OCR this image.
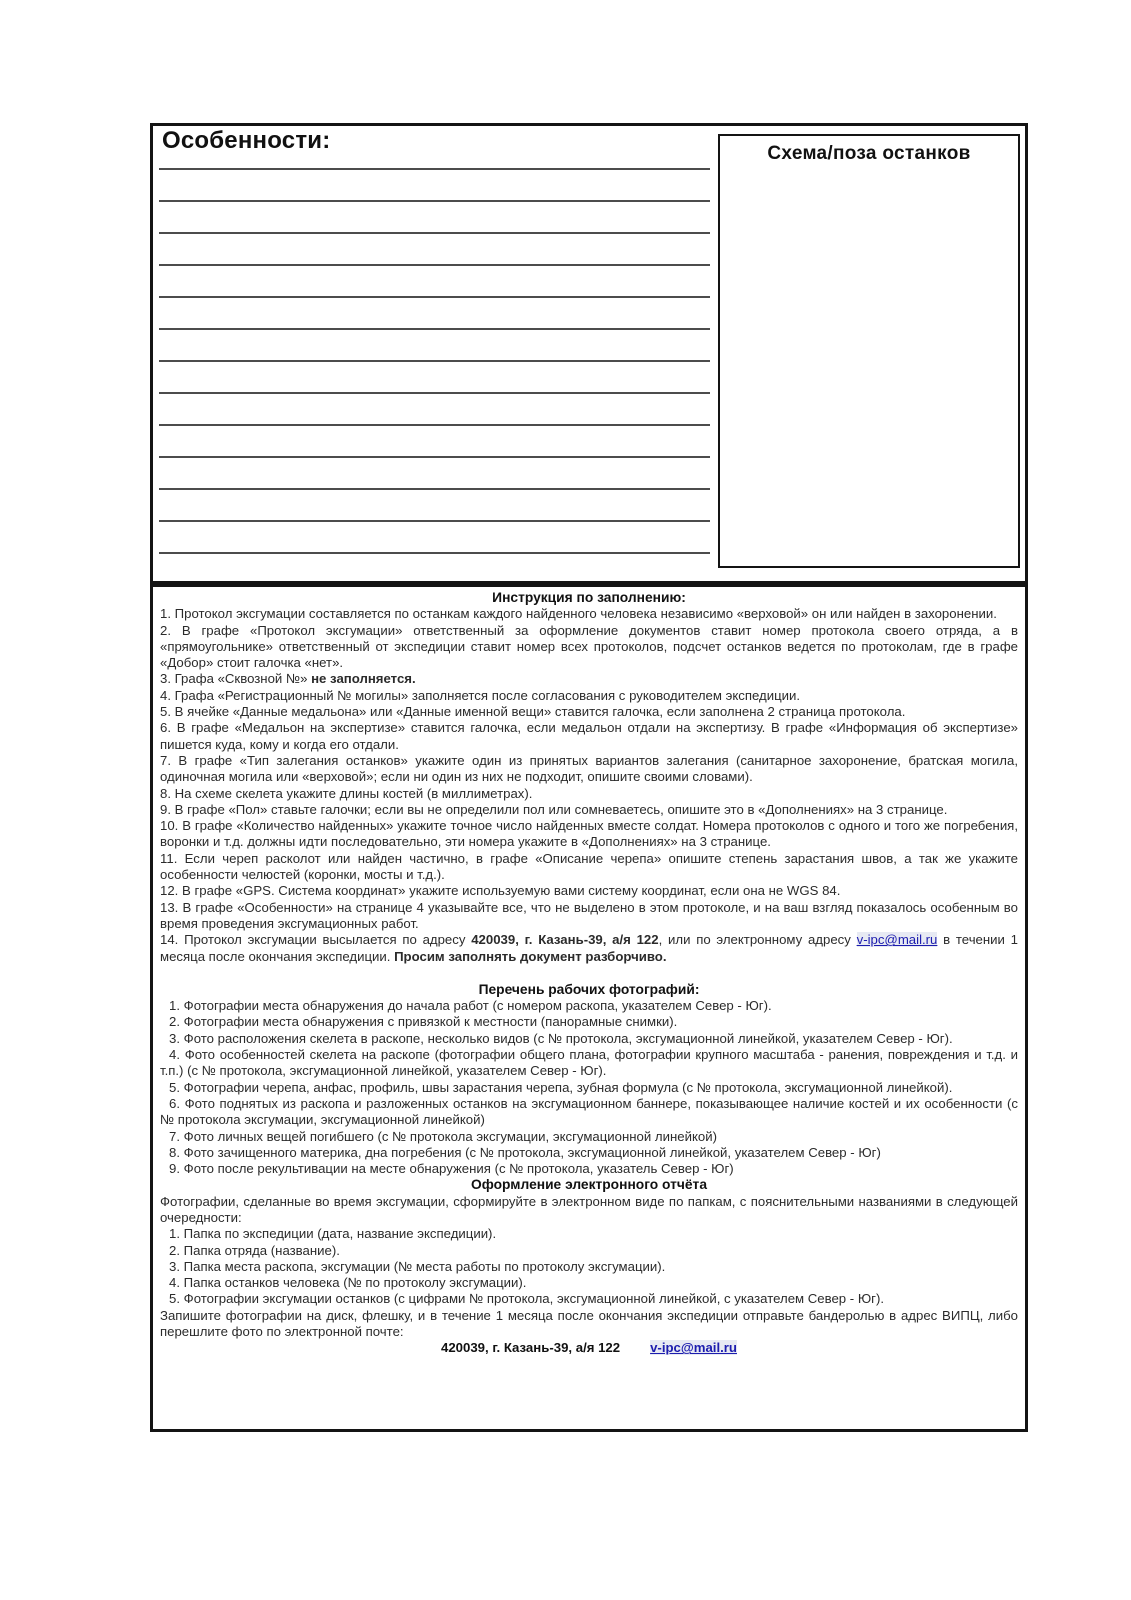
Особенности:	Схема/поза останков

Инструкция по заполнению:

1. Протокол эксгумации составляется по останкам каждого найденного человека независимо «верховой» он или найден в захоронении.

2. В графе «Протокол эксгумации» ответственный за оформление документов ставит номер протокола своего отряда, а в «прямоугольнике» ответственный от экспедиции ставит номер всех протоколов, подсчет останков ведется по протоколам, где в графе «Добор» стоит галочка «нет».

3. Графа «Сквозной №» не заполняется.

4. Графа «Регистрационный № могилы» заполняется после согласования с руководителем экспедиции.

5. В ячейке «Данные медальона» или «Данные именной вещи» ставится галочка, если заполнена 2 страница протокола.

6. В графе «Медальон на экспертизе» ставится галочка, если медальон отдали на экспертизу. В графе «Информация об экспертизе» пишется куда, кому и когда его отдали.

7. В графе «Тип залегания останков» укажите один из принятых вариантов залегания (санитарное захоронение, братская могила, одиночная могила или «верховой»; если ни один из них не подходит, опишите своими словами).

8. На схеме скелета укажите длины костей (в миллиметрах).

9. В графе «Пол» ставьте галочки; если вы не определили пол или сомневаетесь, опишите это в «Дополнениях» на 3 странице.

10. В графе «Количество найденных» укажите точное число найденных вместе солдат. Номера протоколов с одного и того же погребения, воронки и т.д. должны идти последовательно, эти номера укажите в «Дополнениях» на 3 странице.

11. Если череп расколот или найден частично, в графе «Описание черепа» опишите степень зарастания швов, а так же укажите особенности челюстей (коронки, мосты и т.д.).

12. В графе «GPS. Система координат» укажите используемую вами систему координат, если она не WGS 84.

13. В графе «Особенности» на странице 4 указывайте все, что не выделено в этом протоколе, и на ваш взгляд показалось особенным во время проведения эксгумационных работ.

14. Протокол эксгумации высылается по адресу 420039, г. Казань-39, а/я 122, или по электронному адресу v-ipc@mail.ru в течении 1 месяца после окончания экспедиции. Просим заполнять документ разборчиво.

Перечень рабочих фотографий:

1. Фотографии места обнаружения до начала работ (с номером раскопа, указателем Север - Юг).

2. Фотографии места обнаружения с привязкой к местности (панорамные снимки).

3. Фото расположения скелета в раскопе, несколько видов (с № протокола, эксгумационной линейкой, указателем Север - Юг).

4. Фото особенностей скелета на раскопе (фотографии общего плана, фотографии крупного масштаба - ранения, повреждения и т.д. и т.п.) (с № протокола, эксгумационной линейкой, указателем Север - Юг).

5. Фотографии черепа, анфас, профиль, швы зарастания черепа, зубная формула (с № протокола, эксгумационной линейкой).

6. Фото поднятых из раскопа и разложенных останков на эксгумационном баннере, показывающее наличие костей и их особенности (с № протокола эксгумации, эксгумационной линейкой)

7. Фото личных вещей погибшего (с № протокола эксгумации, эксгумационной линейкой)

8. Фото зачищенного материка, дна погребения (с № протокола, эксгумационной линейкой, указателем Север - Юг)

9. Фото после рекультивации на месте обнаружения (с № протокола, указатель Север - Юг)

Оформление электронного отчёта

Фотографии, сделанные во время эксгумации, сформируйте в электронном виде по папкам, с пояснительными названиями в следующей очередности:

1. Папка по экспедиции (дата, название экспедиции).

2. Папка отряда (название).

3. Папка места раскопа, эксгумации (№ места работы по протоколу эксгумации).

4. Папка останков человека (№ по протоколу эксгумации).

5. Фотографии эксгумации останков (с цифрами № протокола, эксгумационной линейкой, с указателем Север - Юг).

Запишите фотографии на диск, флешку, и в течение 1 месяца после окончания экспедиции отправьте бандеролью в адрес ВИПЦ, либо перешлите фото по электронной почте:

420039, г. Казань-39, а/я 122 v-ipc@mail.ru
